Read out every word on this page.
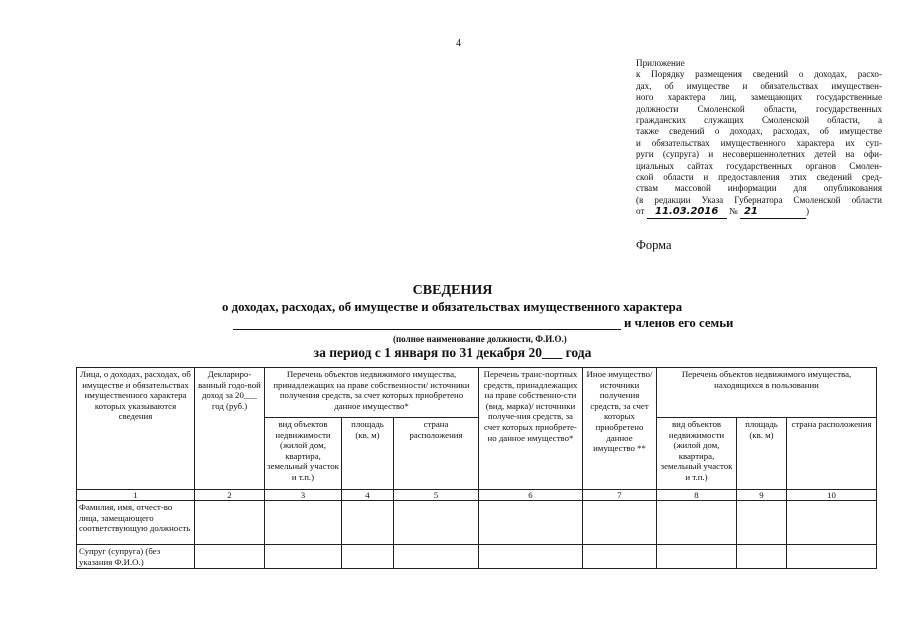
4
Приложение
к Порядку размещения сведений о доходах, расхо-
дах, об имуществе и обязательствах имуществен-
ного характера лиц, замещающих государственные
должности Смоленской области, государственных
гражданских служащих Смоленской области, а
также сведений о доходах, расходах, об имуществе
и обязательствах имущественного характера их суп-
руги (супруга) и несовершеннолетних детей на офи-
циальных сайтах государственных органов Смолен-
ской области и предоставления этих сведений сред-
ствам массовой информации для опубликования
(в редакции Указа Губернатора Смоленской области
от 11.03.2016 № 21	)
Форма
СВЕДЕНИЯ
о доходах, расходах, об имуществе и обязательствах имущественного характера
и членов его семьи
(полное наименование должности, Ф.И.О.)
за период с 1 января по 31 декабря 20___ года
Лица, о доходах, расходах, об имуществе и обязательствах имущественного характера которых указываются сведения	Деклариро-ванный годо-вой доход за 20___ год (руб.)	Перечень объектов недвижимого имущества, принадлежащих на праве собственности/ источники получения средств, за счет которых приобретено данное имущество*			Перечень транс-портных средств, принадлежащих на праве собственно-сти (вид, марка)/ источники получе-ния средств, за счет которых приобрете-но данное имущество*	Иное имущество/ источники получения средств, за счет которых приобретено данное имущество **	Перечень объектов недвижимого имущества, находящихся в пользовании		
		вид объектов недвижимости (жилой дом, квартира, земельный участок и т.п.)	площадь (кв. м)	страна расположения			вид объектов недвижимости (жилой дом, квартира, земельный участок и т.п.)	площадь (кв. м)	страна расположения
1	2	3	4	5	6	7	8	9	10
Фамилия, имя, отчест-во лица, замещающего соответствующую должность									
Супруг (супруга) (без указания Ф.И.О.)									
